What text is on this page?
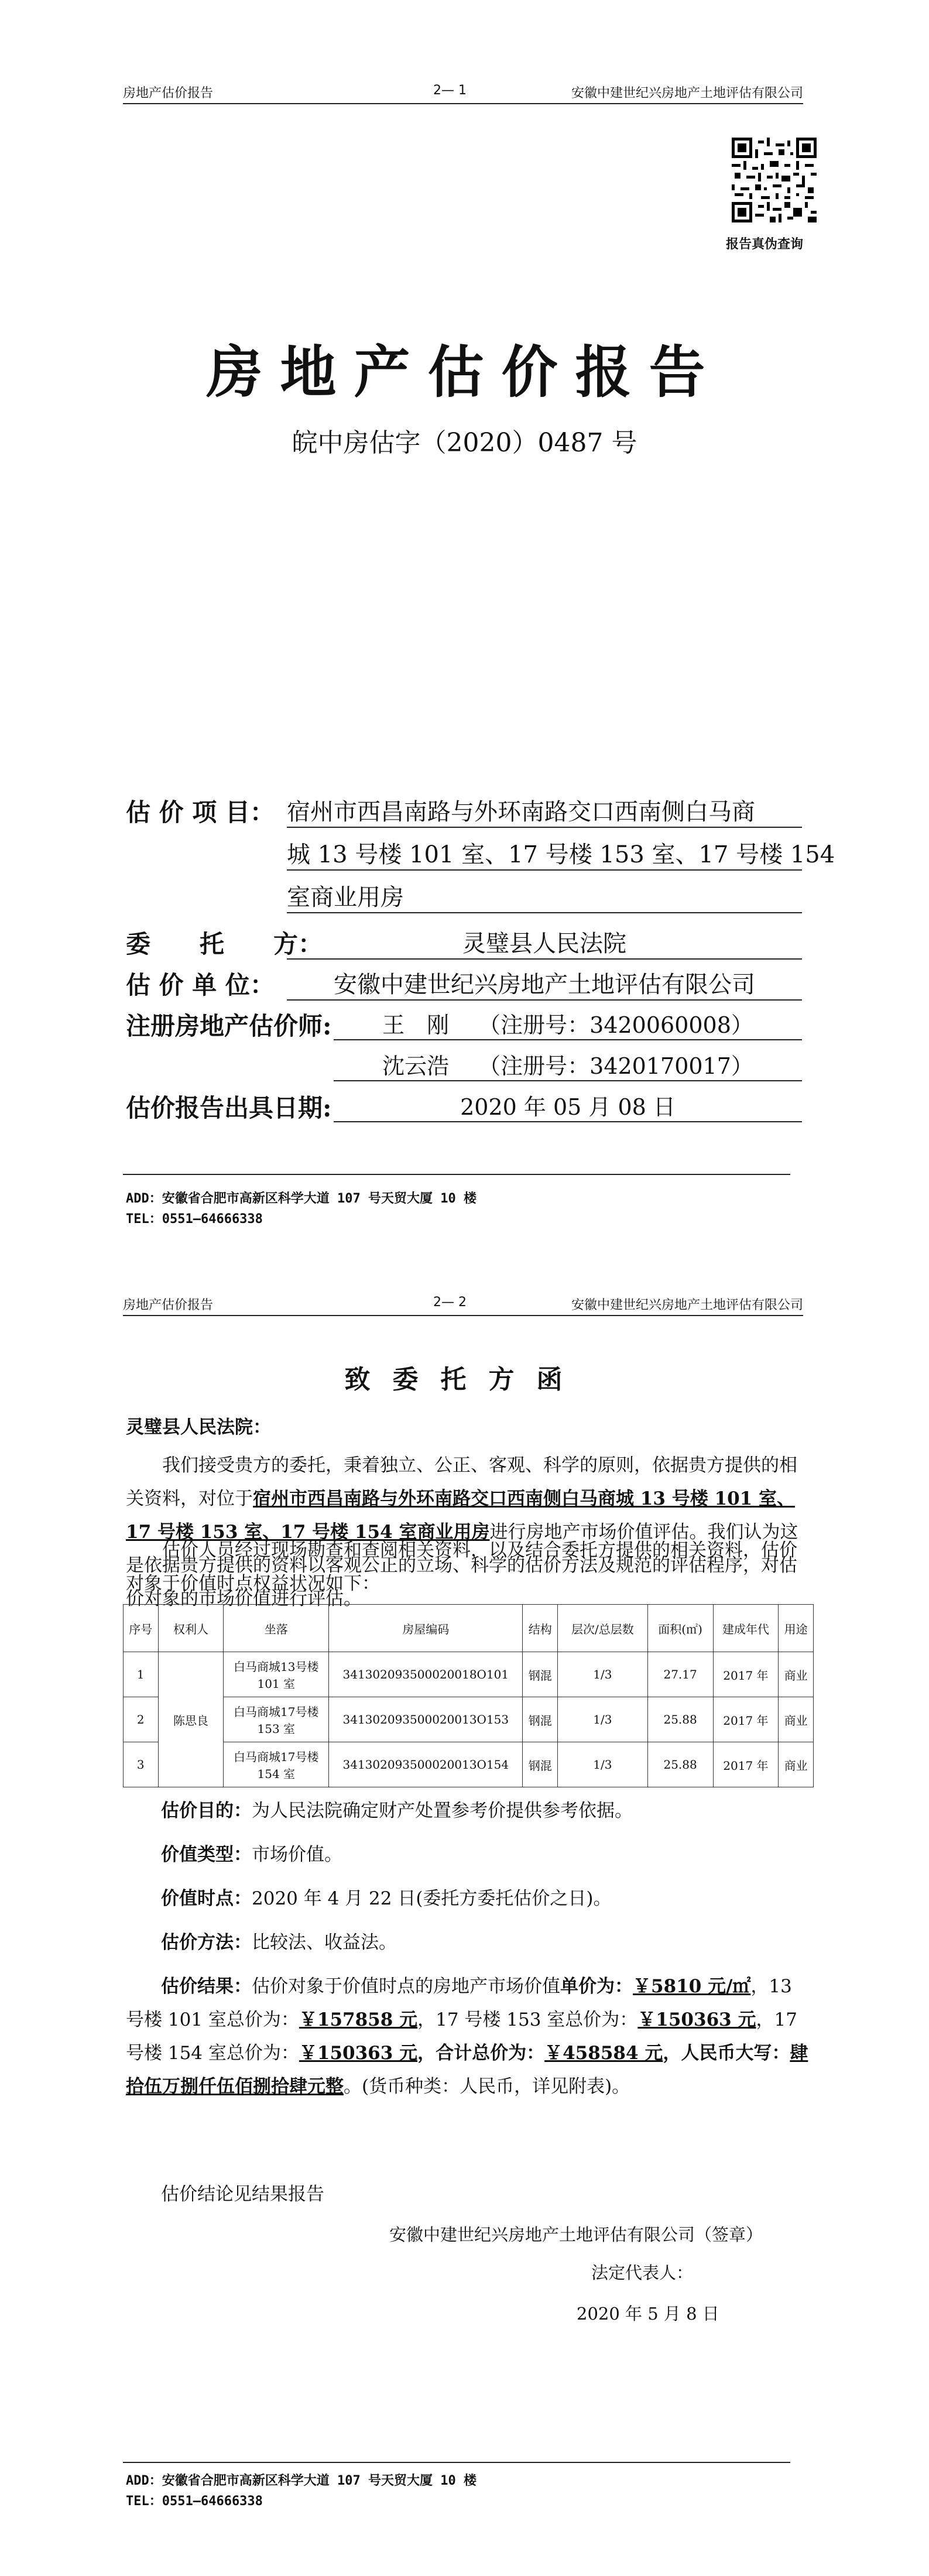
房地产估价报告	2— 1	安徽中建世纪兴房地产土地评估有限公司
报告真伪查询
房地产估价报告
皖中房估字（2020）0487 号
估 价 项 目： 宿州市西昌南路与外环南路交口西南侧白马商
城 13 号楼 101 室、17 号楼 153 室、17 号楼 154
室商业用房
委　　托　　方：	灵璧县人民法院
估 价 单 位：	安徽中建世纪兴房地产土地评估有限公司
注册房地产估价师:	王　刚　 （注册号：3420060008）
沈云浩　 （注册号：3420170017）
估价报告出具日期:	2020 年 05 月 08 日
ADD：安徽省合肥市高新区科学大道 107 号天贸大厦 10 楼
TEL：0551—64666338
房地产估价报告	2— 2	安徽中建世纪兴房地产土地评估有限公司
致委托方函
灵璧县人民法院：
我们接受贵方的委托，秉着独立、公正、客观、科学的原则，依据贵方提供的相关资料，对位于宿州市西昌南路与外环南路交口西南侧白马商城 13 号楼 101 室、17 号楼 153 室、17 号楼 154 室商业用房进行房地产市场价值评估。我们认为这是依据贵方提供的资料以客观公正的立场、科学的估价方法及规范的评估程序，对估价对象的市场价值进行评估。
估价人员经过现场勘查和查阅相关资料，以及结合委托方提供的相关资料，估价对象于价值时点权益状况如下：
序号	权利人	坐落	房屋编码	结构	层次/总层数	面积(㎡)	建成年代	用途
1	陈思良	白马商城13号楼 101 室	341302093500020018O101	钢混	1/3	27.17	2017 年	商业
2		白马商城17号楼 153 室	341302093500020013O153	钢混	1/3	25.88	2017 年	商业
3		白马商城17号楼 154 室	341302093500020013O154	钢混	1/3	25.88	2017 年	商业
估价目的：为人民法院确定财产处置参考价提供参考依据。
价值类型：市场价值。
价值时点：2020 年 4 月 22 日(委托方委托估价之日)。
估价方法：比较法、收益法。
估价结果：估价对象于价值时点的房地产市场价值单价为：￥5810 元/㎡，13 号楼 101 室总价为：￥157858 元，17 号楼 153 室总价为：￥150363 元，17 号楼 154 室总价为：￥150363 元，合计总价为：￥458584 元，人民币大写：肆拾伍万捌仟伍佰捌拾肆元整。(货币种类：人民币，详见附表)。
估价结论见结果报告
安徽中建世纪兴房地产土地评估有限公司（签章）
法定代表人：
2020 年 5 月 8 日
ADD：安徽省合肥市高新区科学大道 107 号天贸大厦 10 楼
TEL：0551—64666338
